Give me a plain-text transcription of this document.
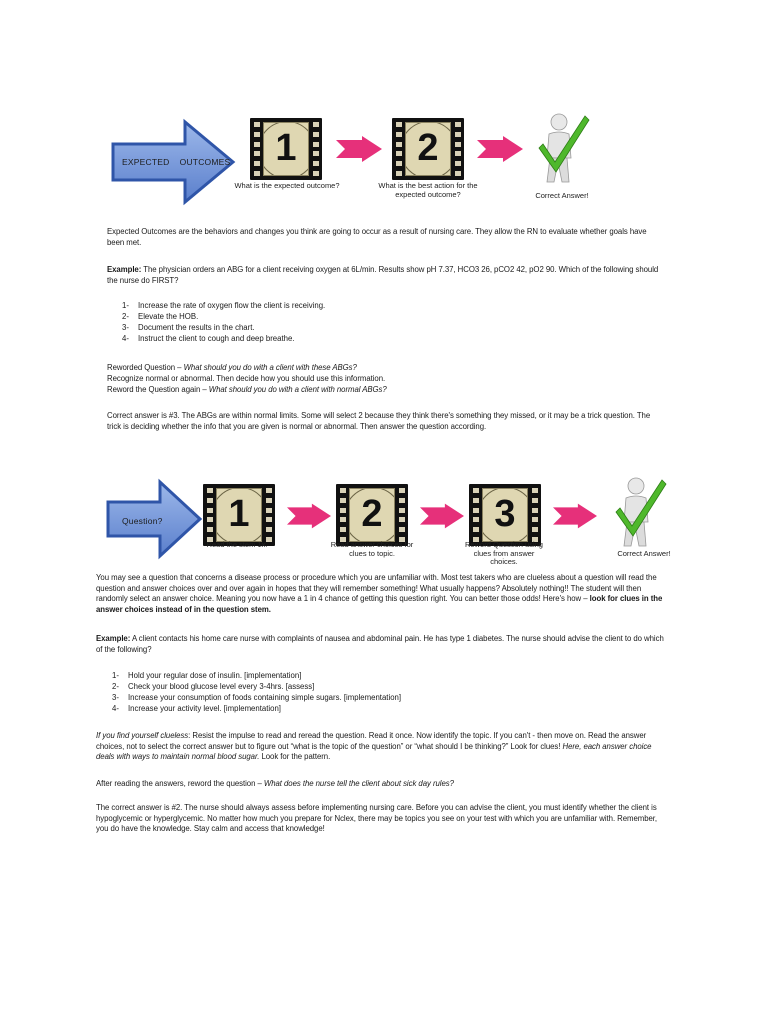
EXPECTED    OUTCOMES	1	2
What is the expected outcome?	What is the best action for the expected outcome?	Correct Answer!

Expected Outcomes are the behaviors and changes you think are going to occur as a result of nursing care. They allow the RN to evaluate whether goals have been met.

Example: The physician orders an ABG for a client receiving oxygen at 6L/min. Results show pH 7.37, HCO3 26, pCO2 42, pO2 90. Which of the following should the nurse do FIRST?

1-	Increase the rate of oxygen flow the client is receiving.
2-	Elevate the HOB.
3-	Document the results in the chart.
4-	Instruct the client to cough and deep breathe.

Reworded Question – What should you do with a client with these ABGs?

Recognize normal or abnormal. Then decide how you should use this information.

Reword the Question again – What should you do with a client with normal ABGs?

Correct answer is #3. The ABGs are within normal limits. Some will select 2 because they think there's something they missed, or it may be a trick question. The trick is deciding whether the info that you are given is normal or abnormal. Then answer the question according.

Question?	1	2	3
Read the stem 1x.	Read answer choices for clues to topic.
Reword Question using clues from answer choices.
Correct Answer!

You may see a question that concerns a disease process or procedure which you are unfamiliar with. Most test takers who are clueless about a question will read the question and answer choices over and over again in hopes that they will remember something! What usually happens? Absolutely nothing!! The student will then randomly select an answer choice. Meaning you now have a 1 in 4 chance of getting this question right. You can better those odds! Here's how – look for clues in the answer choices instead of in the question stem.

Example: A client contacts his home care nurse with complaints of nausea and abdominal pain. He has type 1 diabetes. The nurse should advise the client to do which of the following?

1-	Hold your regular dose of insulin. [implementation]
2-	Check your blood glucose level every 3-4hrs. [assess]
3-	Increase your consumption of foods containing simple sugars. [implementation]
4-	Increase your activity level. [implementation]

If you find yourself clueless: Resist the impulse to read and reread the question. Read it once. Now identify the topic. If you can't - then move on. Read the answer choices, not to select the correct answer but to figure out “what is the topic of the question” or “what should I be thinking?” Look for clues! Here, each answer choice deals with ways to maintain normal blood sugar. Look for the pattern.

After reading the answers, reword the question – What does the nurse tell the client about sick day rules?

The correct answer is #2. The nurse should always assess before implementing nursing care. Before you can advise the client, you must identify whether the client is hypoglycemic or hyperglycemic. No matter how much you prepare for Nclex, there may be topics you see on your test with which you are unfamiliar with. Remember, you do have the knowledge. Stay calm and access that knowledge!
